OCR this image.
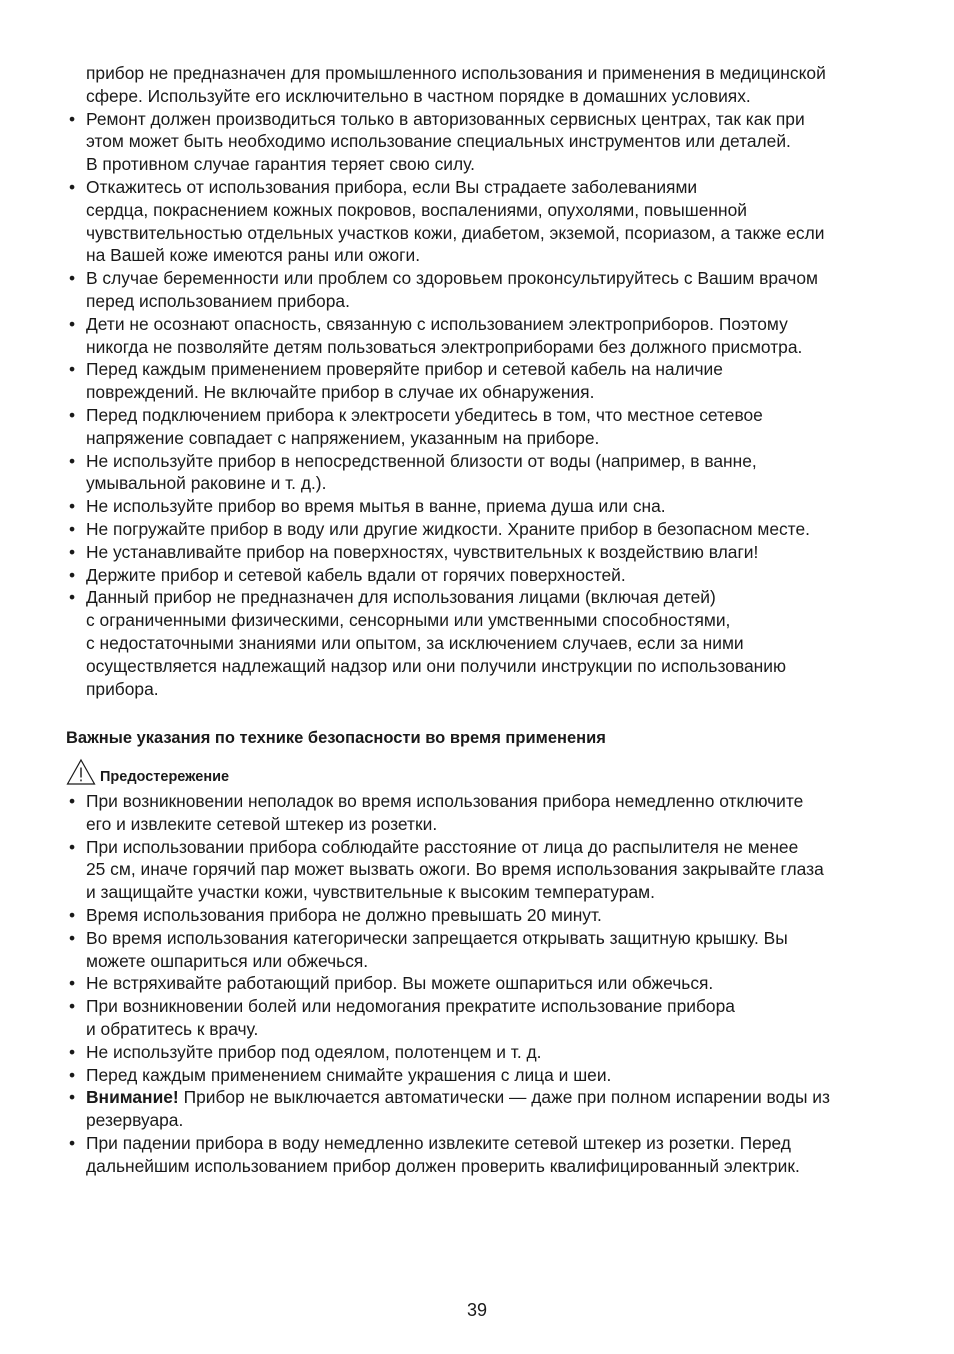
прибор не предназначен для промышленного использования и применения в медицинской
сфере. Используйте его исключительно в частном порядке в домашних условиях.
• Ремонт должен производиться только в авторизованных сервисных центрах, так как при
этом может быть необходимо использование специальных инструментов или деталей.
В противном случае гарантия теряет свою силу.
• Откажитесь от использования прибора, если Вы страдаете заболеваниями
сердца, покраснением кожных покровов, воспалениями, опухолями, повышенной
чувствительностью отдельных участков кожи, диабетом, экземой, псориазом, а также если
на Вашей коже имеются раны или ожоги.
• В случае беременности или проблем со здоровьем проконсультируйтесь с Вашим врачом
перед использованием прибора.
• Дети не осознают опасность, связанную с использованием электроприборов. Поэтому
никогда не позволяйте детям пользоваться электроприборами без должного присмотра.
• Перед каждым применением проверяйте прибор и сетевой кабель на наличие
повреждений. Не включайте прибор в случае их обнаружения.
• Перед подключением прибора к электросети убедитесь в том, что местное сетевое
напряжение совпадает с напряжением, указанным на приборе.
• Не используйте прибор в непосредственной близости от воды (например, в ванне,
умывальной раковине и т. д.).
• Не используйте прибор во время мытья в ванне, приема душа или сна.
• Не погружайте прибор в воду или другие жидкости. Храните прибор в безопасном месте.
• Не устанавливайте прибор на поверхностях, чувствительных к воздействию влаги!
• Держите прибор и сетевой кабель вдали от горячих поверхностей.
• Данный прибор не предназначен для использования лицами (включая детей)
с ограниченными физическими, сенсорными или умственными способностями,
с недостаточными знаниями или опытом, за исключением случаев, если за ними
осуществляется надлежащий надзор или они получили инструкции по использованию
прибора.
Важные указания по технике безопасности во время применения
Предостережение
• При возникновении неполадок во время использования прибора немедленно отключите
его и извлеките сетевой штекер из розетки.
• При использовании прибора соблюдайте расстояние от лица до распылителя не менее
25 см, иначе горячий пар может вызвать ожоги. Во время использования закрывайте глаза
и защищайте участки кожи, чувствительные к высоким температурам.
• Время использования прибора не должно превышать 20 минут.
• Во время использования категорически запрещается открывать защитную крышку. Вы
можете ошпариться или обжечься.
• Не встряхивайте работающий прибор. Вы можете ошпариться или обжечься.
• При возникновении болей или недомогания прекратите использование прибора
и обратитесь к врачу.
• Не используйте прибор под одеялом, полотенцем и т. д.
• Перед каждым применением снимайте украшения с лица и шеи.
• Внимание! Прибор не выключается автоматически — даже при полном испарении воды из
резервуара.
• При падении прибора в воду немедленно извлеките сетевой штекер из розетки. Перед
дальнейшим использованием прибор должен проверить квалифицированный электрик.
39
